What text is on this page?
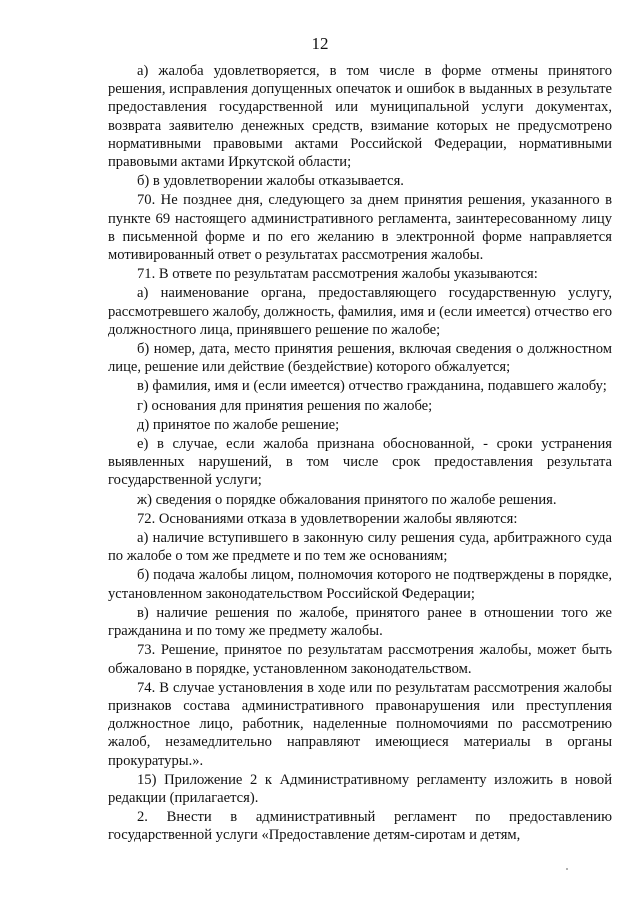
12

а) жалоба удовлетворяется, в том числе в форме отмены принятого решения, исправления допущенных опечаток и ошибок в выданных в результате предоставления государственной или муниципальной услуги документах, возврата заявителю денежных средств, взимание которых не предусмотрено нормативными правовыми актами Российской Федерации, нормативными правовыми актами Иркутской области;

б) в удовлетворении жалобы отказывается.

70. Не позднее дня, следующего за днем принятия решения, указанного в пункте 69 настоящего административного регламента, заинтересованному лицу в письменной форме и по его желанию в электронной форме направляется мотивированный ответ о результатах рассмотрения жалобы.

71. В ответе по результатам рассмотрения жалобы указываются:

а) наименование органа, предоставляющего государственную услугу, рассмотревшего жалобу, должность, фамилия, имя и (если имеется) отчество его должностного лица, принявшего решение по жалобе;

б) номер, дата, место принятия решения, включая сведения о должностном лице, решение или действие (бездействие) которого обжалуется;

в) фамилия, имя и (если имеется) отчество гражданина, подавшего жалобу;

г) основания для принятия решения по жалобе;

д) принятое по жалобе решение;

е) в случае, если жалоба признана обоснованной, - сроки устранения выявленных нарушений, в том числе срок предоставления результата государственной услуги;

ж) сведения о порядке обжалования принятого по жалобе решения.

72. Основаниями отказа в удовлетворении жалобы являются:

а) наличие вступившего в законную силу решения суда, арбитражного суда по жалобе о том же предмете и по тем же основаниям;

б) подача жалобы лицом, полномочия которого не подтверждены в порядке, установленном законодательством Российской Федерации;

в) наличие решения по жалобе, принятого ранее в отношении того же гражданина и по тому же предмету жалобы.

73. Решение, принятое по результатам рассмотрения жалобы, может быть обжаловано в порядке, установленном законодательством.

74. В случае установления в ходе или по результатам рассмотрения жалобы признаков состава административного правонарушения или преступления должностное лицо, работник, наделенные полномочиями по рассмотрению жалоб, незамедлительно направляют имеющиеся материалы в органы прокуратуры.».

15) Приложение 2 к Административному регламенту изложить в новой редакции (прилагается).

2. Внести в административный регламент по предоставлению государственной услуги «Предоставление детям-сиротам и детям,
